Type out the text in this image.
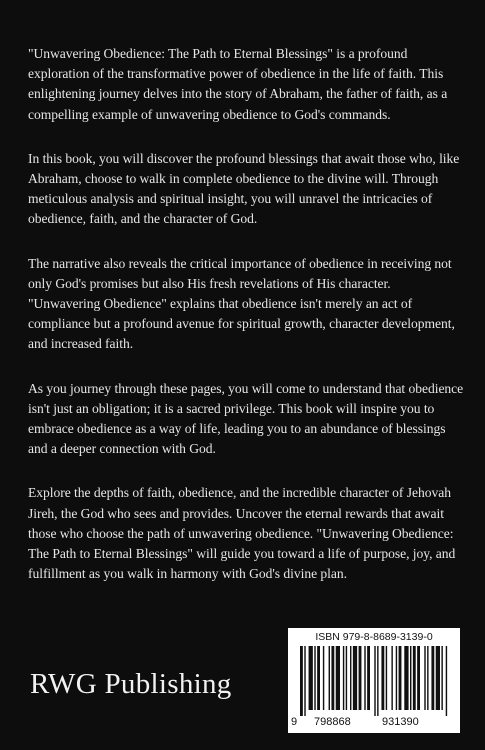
"Unwavering Obedience: The Path to Eternal Blessings" is a profound exploration of the transformative power of obedience in the life of faith. This enlightening journey delves into the story of Abraham, the father of faith, as a compelling example of unwavering obedience to God's commands.

In this book, you will discover the profound blessings that await those who, like Abraham, choose to walk in complete obedience to the divine will. Through meticulous analysis and spiritual insight, you will unravel the intricacies of obedience, faith, and the character of God.

The narrative also reveals the critical importance of obedience in receiving not only God's promises but also His fresh revelations of His character. "Unwavering Obedience" explains that obedience isn't merely an act of compliance but a profound avenue for spiritual growth, character development, and increased faith.

As you journey through these pages, you will come to understand that obedience isn't just an obligation; it is a sacred privilege. This book will inspire you to embrace obedience as a way of life, leading you to an abundance of blessings and a deeper connection with God.

Explore the depths of faith, obedience, and the incredible character of Jehovah Jireh, the God who sees and provides. Uncover the eternal rewards that await those who choose the path of unwavering obedience. "Unwavering Obedience: The Path to Eternal Blessings" will guide you toward a life of purpose, joy, and fulfillment as you walk in harmony with God's divine plan.

RWG Publishing
ISBN 979-8-8689-3139-0
9 798868	931390
